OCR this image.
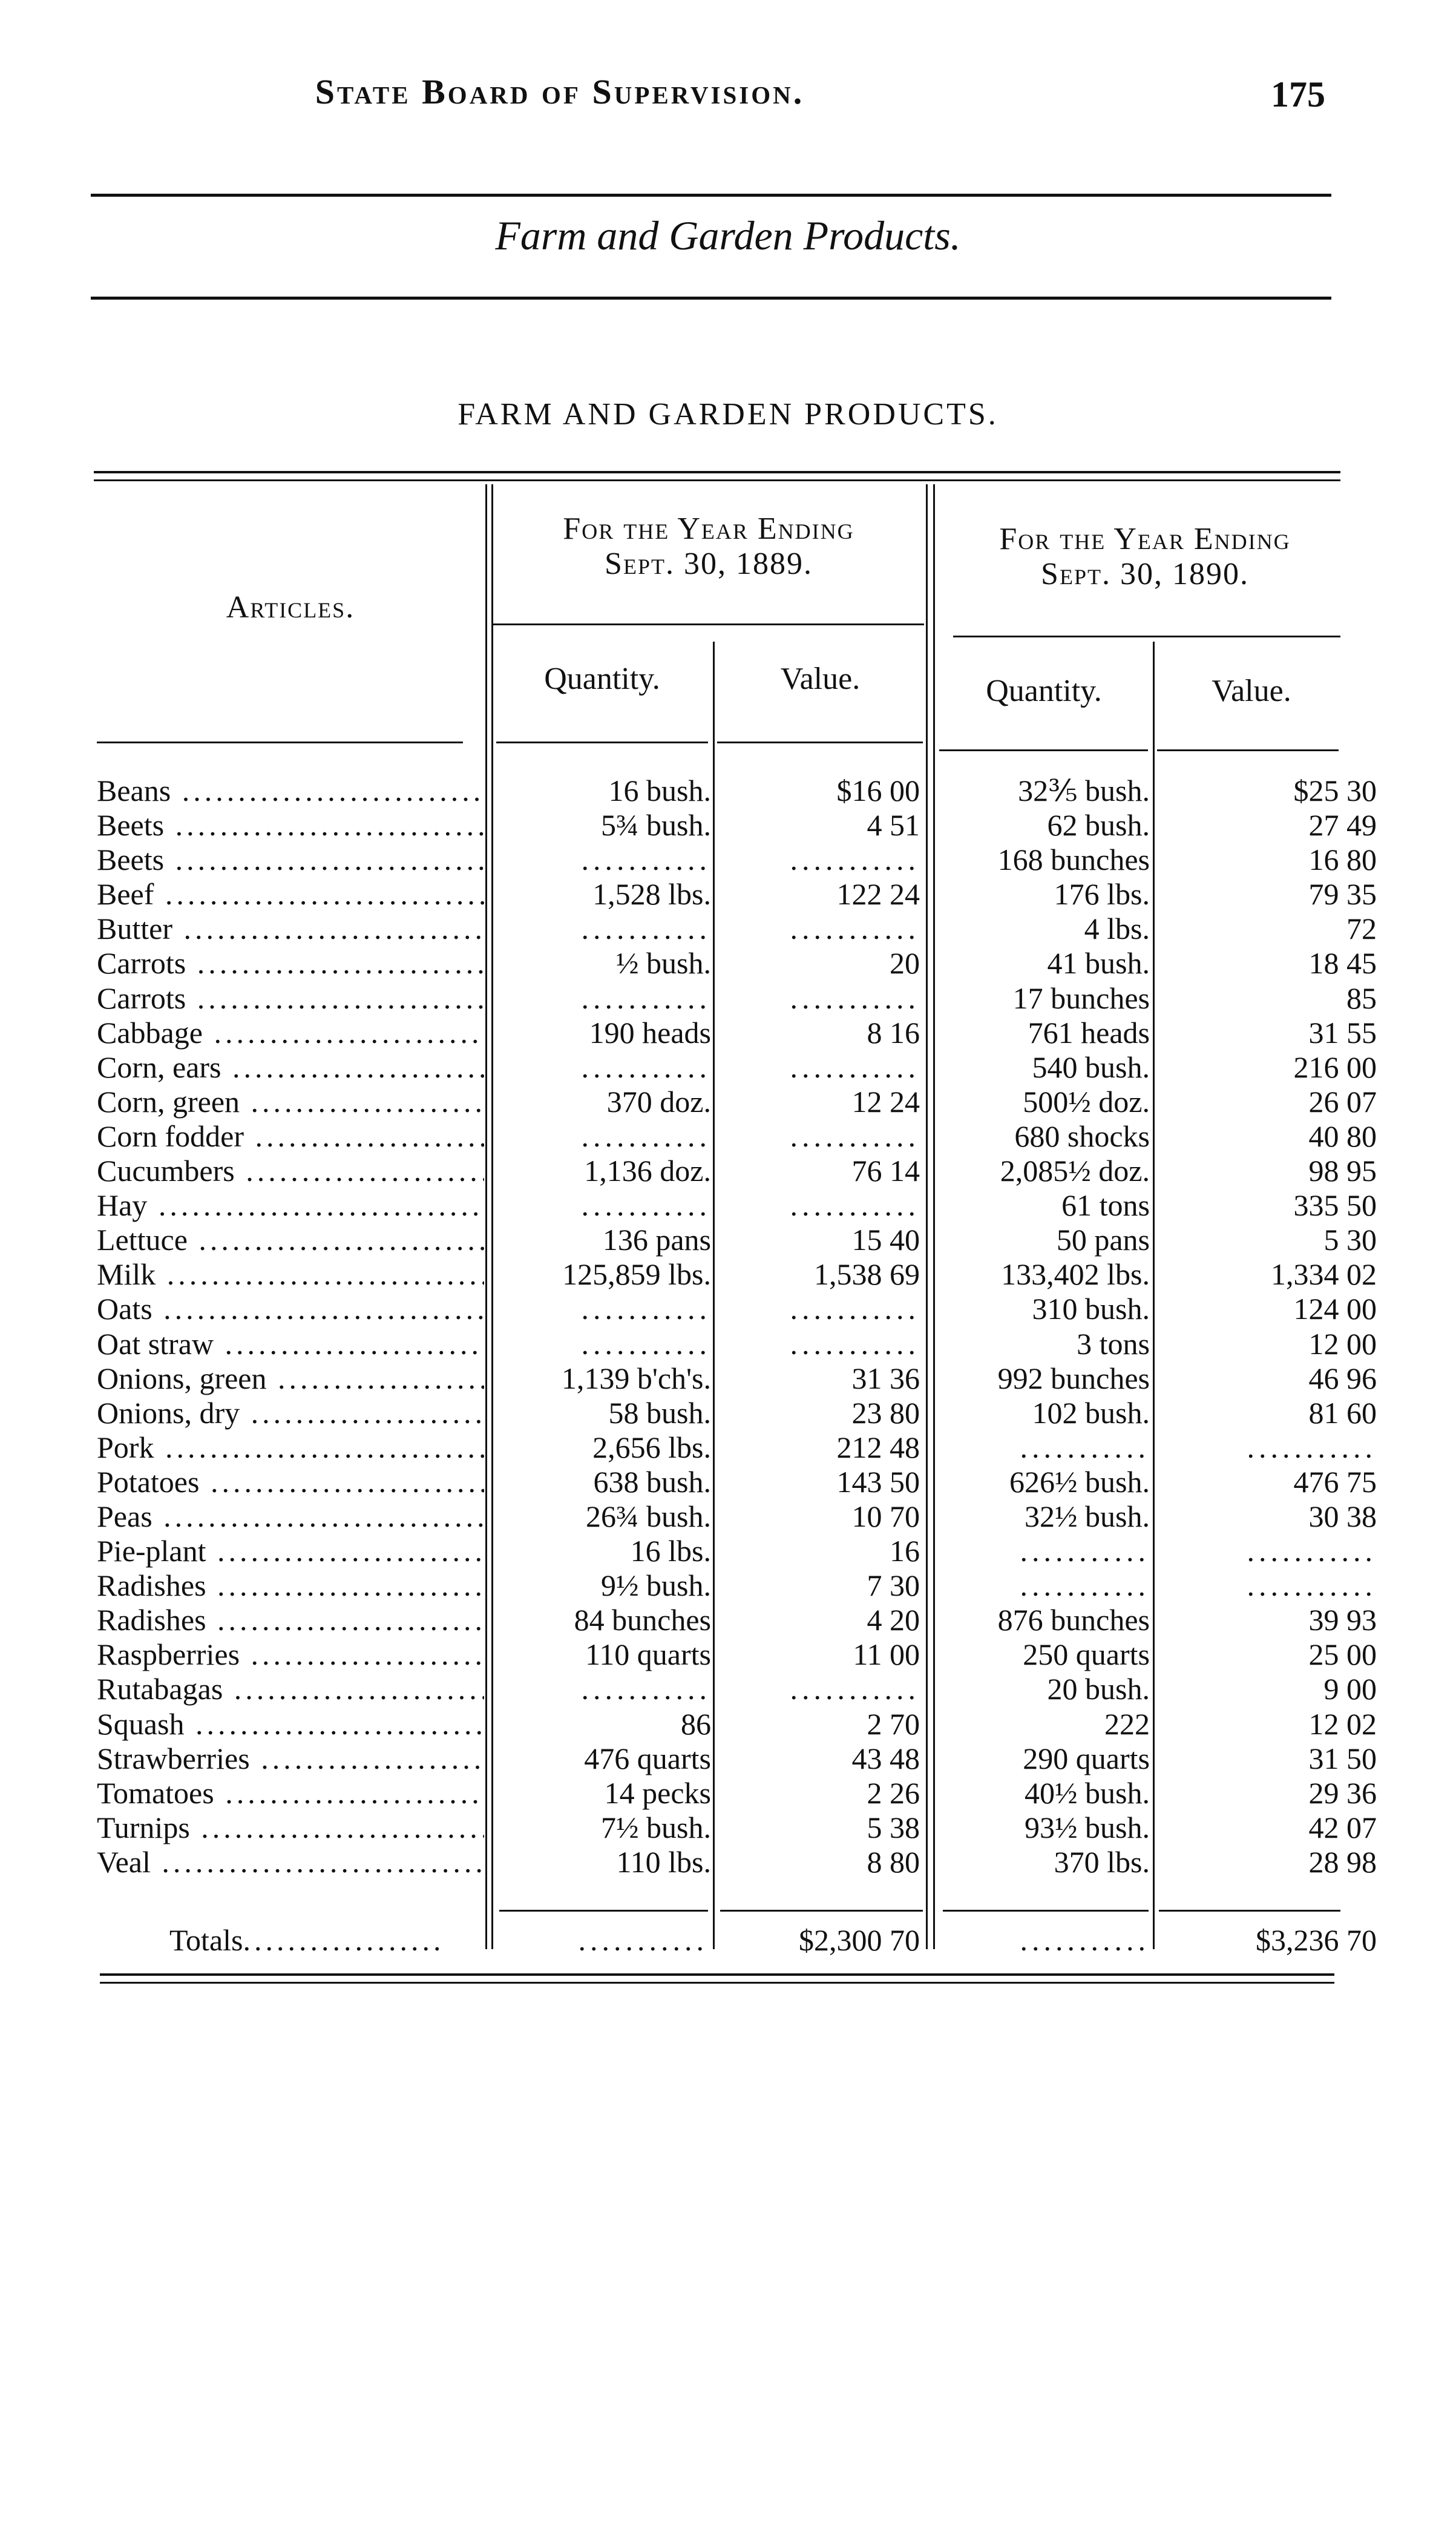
State Board of Supervision.	175
Farm and Garden Products.
FARM AND GARDEN PRODUCTS.
Articles.
For the Year Ending
Sept. 30, 1889.
For the Year Ending
Sept. 30, 1890.
Quantity.	Value.	Quantity.	Value.
Beans .....	16 bush.	$16 00	32⅗ bush.	$25 30
Beets .....	5¾ bush.	4 51	62 bush.	27 49
Beets .....	...........	...........	168 bunches	16 80
Beef .....	1,528 lbs.	122 24	176 lbs.	79 35
Butter .....	...........	...........	4 lbs.	72
Carrots .....	½ bush.	20	41 bush.	18 45
Carrots .....	...........	...........	17 bunches	85
Cabbage .....	190 heads	8 16	761 heads	31 55
Corn, ears .....	...........	...........	540 bush.	216 00
Corn, green .....	370 doz.	12 24	500½ doz.	26 07
Corn fodder .....	...........	...........	680 shocks	40 80
Cucumbers .....	1,136 doz.	76 14	2,085½ doz.	98 95
Hay .....	...........	...........	61 tons	335 50
Lettuce .....	136 pans	15 40	50 pans	5 30
Milk .....	125,859 lbs.	1,538 69	133,402 lbs.	1,334 02
Oats .....	...........	...........	310 bush.	124 00
Oat straw .....	...........	...........	3 tons	12 00
Onions, green .....	1,139 b'ch's.	31 36	992 bunches	46 96
Onions, dry .....	58 bush.	23 80	102 bush.	81 60
Pork .....	2,656 lbs.	212 48	...........	...........
Potatoes .....	638 bush.	143 50	626½ bush.	476 75
Peas .....	26¾ bush.	10 70	32½ bush.	30 38
Pie-plant .....	16 lbs.	16	...........	...........
Radishes .....	9½ bush.	7 30	...........	...........
Radishes .....	84 bunches	4 20	876 bunches	39 93
Raspberries .....	110 quarts	11 00	250 quarts	25 00
Rutabagas .....	...........	...........	20 bush.	9 00
Squash .....	86	2 70	222	12 02
Strawberries .....	476 quarts	43 48	290 quarts	31 50
Tomatoes .....	14 pecks	2 26	40½ bush.	29 36
Turnips .....	7½ bush.	5 38	93½ bush.	42 07
Veal .....	110 lbs.	8 80	370 lbs.	28 98
Totals..................	...........	$2,300 70	...........	$3,236 70
